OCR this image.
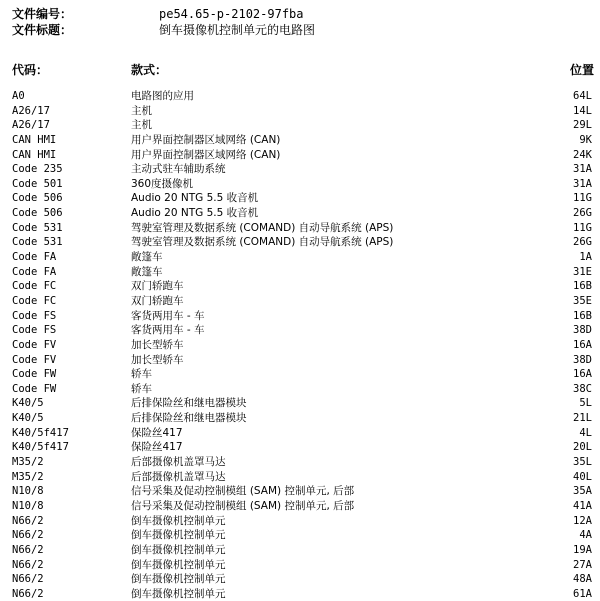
文件编号：	pe54.65-p-2102-97fba
文件标题：	倒车摄像机控制单元的电路图
代码：	款式：	位置
A0	电路图的应用	64L
A26/17	主机	14L
A26/17	主机	29L
CAN HMI	用户界面控制器区域网络 (CAN)	9K
CAN HMI	用户界面控制器区域网络 (CAN)	24K
Code 235	主动式驻车辅助系统	31A
Code 501	360度摄像机	31A
Code 506	Audio 20 NTG 5.5 收音机	11G
Code 506	Audio 20 NTG 5.5 收音机	26G
Code 531	驾驶室管理及数据系统 (COMAND) 自动导航系统 (APS)	11G
Code 531	驾驶室管理及数据系统 (COMAND) 自动导航系统 (APS)	26G
Code FA	敞篷车	1A
Code FA	敞篷车	31E
Code FC	双门轿跑车	16B
Code FC	双门轿跑车	35E
Code FS	客货两用车 - 车	16B
Code FS	客货两用车 - 车	38D
Code FV	加长型轿车	16A
Code FV	加长型轿车	38D
Code FW	轿车	16A
Code FW	轿车	38C
K40/5	后排保险丝和继电器模块	5L
K40/5	后排保险丝和继电器模块	21L
K40/5f417	保险丝417	4L
K40/5f417	保险丝417	20L
M35/2	后部摄像机盖罩马达	35L
M35/2	后部摄像机盖罩马达	40L
N10/8	信号采集及促动控制模组 (SAM) 控制单元, 后部	35A
N10/8	信号采集及促动控制模组 (SAM) 控制单元, 后部	41A
N66/2	倒车摄像机控制单元	12A
N66/2	倒车摄像机控制单元	4A
N66/2	倒车摄像机控制单元	19A
N66/2	倒车摄像机控制单元	27A
N66/2	倒车摄像机控制单元	48A
N66/2	倒车摄像机控制单元	61A
